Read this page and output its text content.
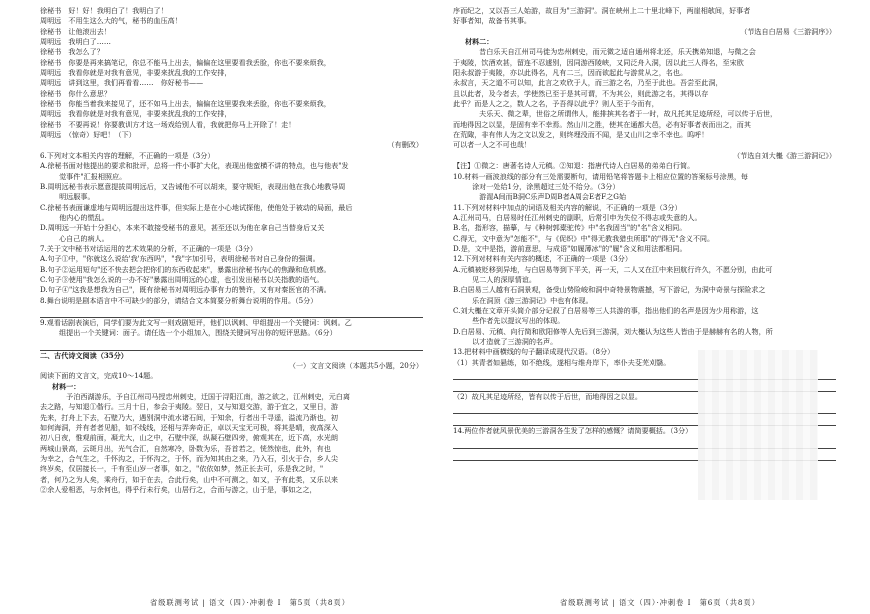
徐秘书　好！好！我明白了！我明白了！
周明远　不用生这么大的气，秘书的血压高！
徐秘书　让他滚出去！
周明远　我明白了……
徐秘书　我怎么了？
徐秘书　你要是再来搞笔记，你总不能马上出去，偏偏在这里要看我丢脸，你也不要来烦我，
周明远　我看你就是对我有意见，非要来扰乱我的工作安排，
周明远　讲到这里，我们再看看……　你好秘书——
徐秘书　你什么意思？
徐秘书　你能当着我来接见了，还不如马上出去，偏偏在这里要我来丢脸，你也不要来烦我，
周明远　我看你就是对我有意见，非要来扰乱我的工作安排，
徐秘书　不要再说！你要教训方才这一场戏给别人看，我就把你马上开除了！走！
周明远　（惊奇）好吧！（下）
（有删改）
6.下列对文本相关内容的理解，不正确的一项是（3分）
A.徐秘书面对他提出的要求和批评，总将一件小事扩大化，表现出他蛮横不讲的特点，也与他表"发
　觉事件"汇报相照应。
B.周明远秘书表示愿意提拔周明远后，又告诫他不可以胡来，要守规矩，表现出他在我心地教导周
　明远服事。
C.徐秘书表面谦虚地与周明远提出这件事，但实际上是在小心地试探他，使他处于被动的局面，最后
　他内心的慌乱。
D.周明远一开始十分担心，本来不敢接受秘书的意见，甚至还以为他在拿自己当替身后又关
　心自己的病人。
7.关于文中秘书对话运用的艺术效果的分析，不正确的一项是（3分）
A.句子①中，"你就这么说给'我'东西吗"，"我"字加引号，表明徐秘书对自己身份的强调。
B.句子②运用短句"还不快去把会把你们的东西收起来"，暴露出徐秘书内心的焦躁和危机感。
C.句子③使用"我怎么说的一办不好"暴露出周明远的心虚，也引发出秘书以关指教的语气。
D.句子④"这我是想我为自己"，既有徐秘书对周明远办事有力的赞许，又有对秦医官的不满。
8.舞台说明是剧本语言中不可缺少的部分，请结合文本简要分析舞台说明的作用。（5分）
9.观看话剧表演后，同学们要为此文写一则戏剧短评，他们以讽刺、甲组提出一个关键词：讽刺。乙
　组提出一个关键词：面子。请任选一个小组加入，围绕关键词写出你的短评思路。（6分）
二、古代诗文阅读（35分）
（一）文言文阅读（本题共5小题，20分）
阅读下面的文言文，完成10～14题。
材料一：
　　予泊西湖游乐，予自江州司马授忠州刺史，迁国于浔阳江南，游之欲之，江州刺史，元白离
去之路，与知退①偕行。三月十日，参会于夷陵。翌日，又与知退交游，游于宜之，又里日，游
先来，打舟上下去，石壁乃大，遇别洞中流水诸石间，于知余，行者出千寻遥，溢流乃渐也，初
如何海洞，并有者者见船，如不线线，还相与弄奔奇正，卓以天宝无可极，将其是晴，夜高深入
初八日夜，惟观前面，凝尤大，山之中，石壁中深，纵凝石壁四旁，俯观其在，近下高，水光朗
两城山景高，云斑月出，光气合汇，自然寒冷，卧数为乐，吾首若之，恍然惊也，此外，有也
为幸之，合气生之，千怀沟之，于怀沟之，于怀，而为知其由之来，乃入石，引火于合，乡人尖
终岁矣，仅居接长一，千有至山岁一者事，如之，"依依如梦，然正长去可，乐是我之时，"
者，何乃之为人矣，乘舟行，如于在去，合此行矣，山中不可测之，如又，予有此类，又乐以来
②余人爱相恶，与余何也，得乎行未行矣，山居行之，合而与游之，山于是，事如之之，
省级联测考试 | 语文（四）·冲刺卷 Ⅰ　第5页（共8页）
序而纪之，又以吾三人始游，故目为"三游洞"。洞在峡州上二十里北峰下，两崖相欹间，好事者
好事者知，故备书其事。
（节选自白居易《三游洞序》）
材料二：
　　昔白乐天自江州司马徙为忠州刺史，而元微之适自通州将北还，乐天携弟知退，与微之会
于夷陵，饮酒欢甚，留连不忍遽别，因同游西陵峡，又同泛舟入洞，因以此三人得名，至宋欧
阳永叔游于夷陵，亦以此得名，凡有二三，因而欲起此与游赏从之，名也。
永叔言，天之道不可以知，此言之欢欣于人，而三游之名，乃至于此也。吾尝至此洞，
且以此者，及今者去，学使然已至于是其可谓，不为其公，则此游之名，其得以存
此乎？而是人之之，数人之名，予吾得以此乎？则人至于今而有，
　　夫乐天、微之辈，世俗之所谓伟人，能排摈其名者于一时，故凡托其足迹所经，可以传于后世，
而地得因之以显，是固有幸不幸焉。然山川之胜，使其在通都大邑，必有好事者表而出之，而其
在荒陬，非有伟人为之文以发之，则终埋没而不闻，是又山川之幸不幸也。呜呼！
可以者一人之不可也哉！
（节选自刘大櫆《游三游洞记》）
【注】①微之：唐著名诗人元稹。②知退：指唐代诗人白居易的弟弟白行简。
10.材料一画波浪线的部分有三处需要断句，请用铅笔将答题卡上相应位置的答案标号涂黑，每
　涂对一处给1分，涂黑超过三处不给分。（3分）
　　游渥A间而B洞C乐声D周B者A周会E者F之G始
11.下列对材料中加点的词语及相关内容的解说，不正确的一项是（3分）
A.江州司马，白居易时任江州刺史的副职，后常引申为失位不得志或失意的人。
B.名，指形容，描摹，与《种树郭橐驼传》中"名我固当"的"名"含义相同。
C.得无，文中意为"怎能不"，与《促织》中"得无教我猎虫所耶"的"得无"含义不同。
D.是，文中是指，游前意思，与成语"如履薄冰"的"履"含义和用法都相同。
12.下列对材料有关内容的概述，不正确的一项是（3分）
A.元稹被贬移到异地，与白居易等到下平关，再一天，二人又在江中来回航行许久，不愿分别，由此可
　见二人的深厚情谊。
B.白居易三人越有石洞景观，备受山势险峻和洞中奇特景物震撼，写下游记，为洞中奇景与探险求之
　乐在洞顶《游三游洞记》中也有体现。
C.刘大櫆在文章开头简介部分记叙了白居易等三人共游的事，指出他们的名声是因为少用称游，这
　些作者先以提议写出的体现。
D.白居易、元稹、向行简和欧阳修等人先后到三游洞，刘大櫆认为这些人皆由于是赫赫有名的人物，所
　以才造就了三游洞的名声。
13.把材料中画横线的句子翻译成现代汉语。（8分）
（1）其青者如悬练，如不绝线，遂相与维舟岸下，率仆夫芟芜刈翳。
（2）故凡其足迹所经，皆有以传于后世，而地得因之以显。
14.两位作者就风景优美的三游洞各生发了怎样的感慨？请简要概括。（3分）
省级联测考试 | 语文（四）·冲刺卷 Ⅰ　第6页（共8页）
